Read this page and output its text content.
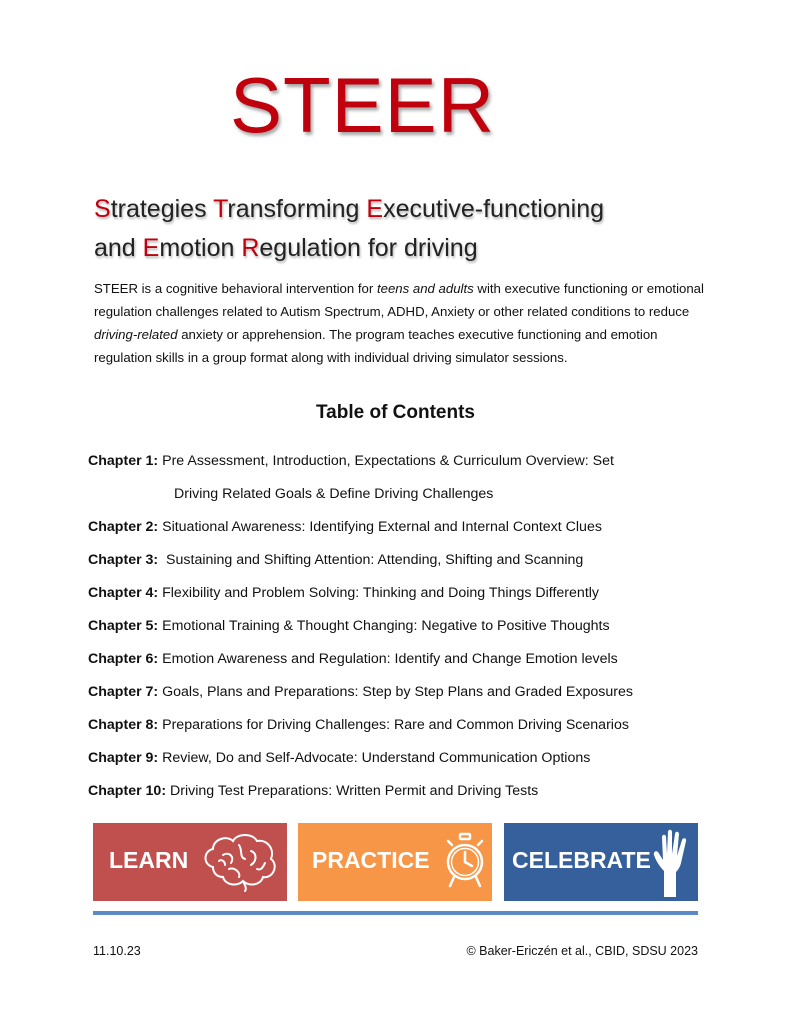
STEER
Strategies Transforming Executive-functioning
and Emotion Regulation for driving
STEER is a cognitive behavioral intervention for teens and adults with executive functioning or emotional regulation challenges related to Autism Spectrum, ADHD, Anxiety or other related conditions to reduce driving-related anxiety or apprehension. The program teaches executive functioning and emotion regulation skills in a group format along with individual driving simulator sessions.
Table of Contents
Chapter 1: Pre Assessment, Introduction, Expectations & Curriculum Overview: Set
Driving Related Goals & Define Driving Challenges
Chapter 2: Situational Awareness: Identifying External and Internal Context Clues
Chapter 3:  Sustaining and Shifting Attention: Attending, Shifting and Scanning
Chapter 4: Flexibility and Problem Solving: Thinking and Doing Things Differently
Chapter 5: Emotional Training & Thought Changing: Negative to Positive Thoughts
Chapter 6: Emotion Awareness and Regulation: Identify and Change Emotion levels
Chapter 7: Goals, Plans and Preparations: Step by Step Plans and Graded Exposures
Chapter 8: Preparations for Driving Challenges: Rare and Common Driving Scenarios
Chapter 9: Review, Do and Self-Advocate: Understand Communication Options
Chapter 10: Driving Test Preparations: Written Permit and Driving Tests
LEARN	PRACTICE	CELEBRATE
11.10.23	© Baker-Ericzén et al., CBID, SDSU 2023
